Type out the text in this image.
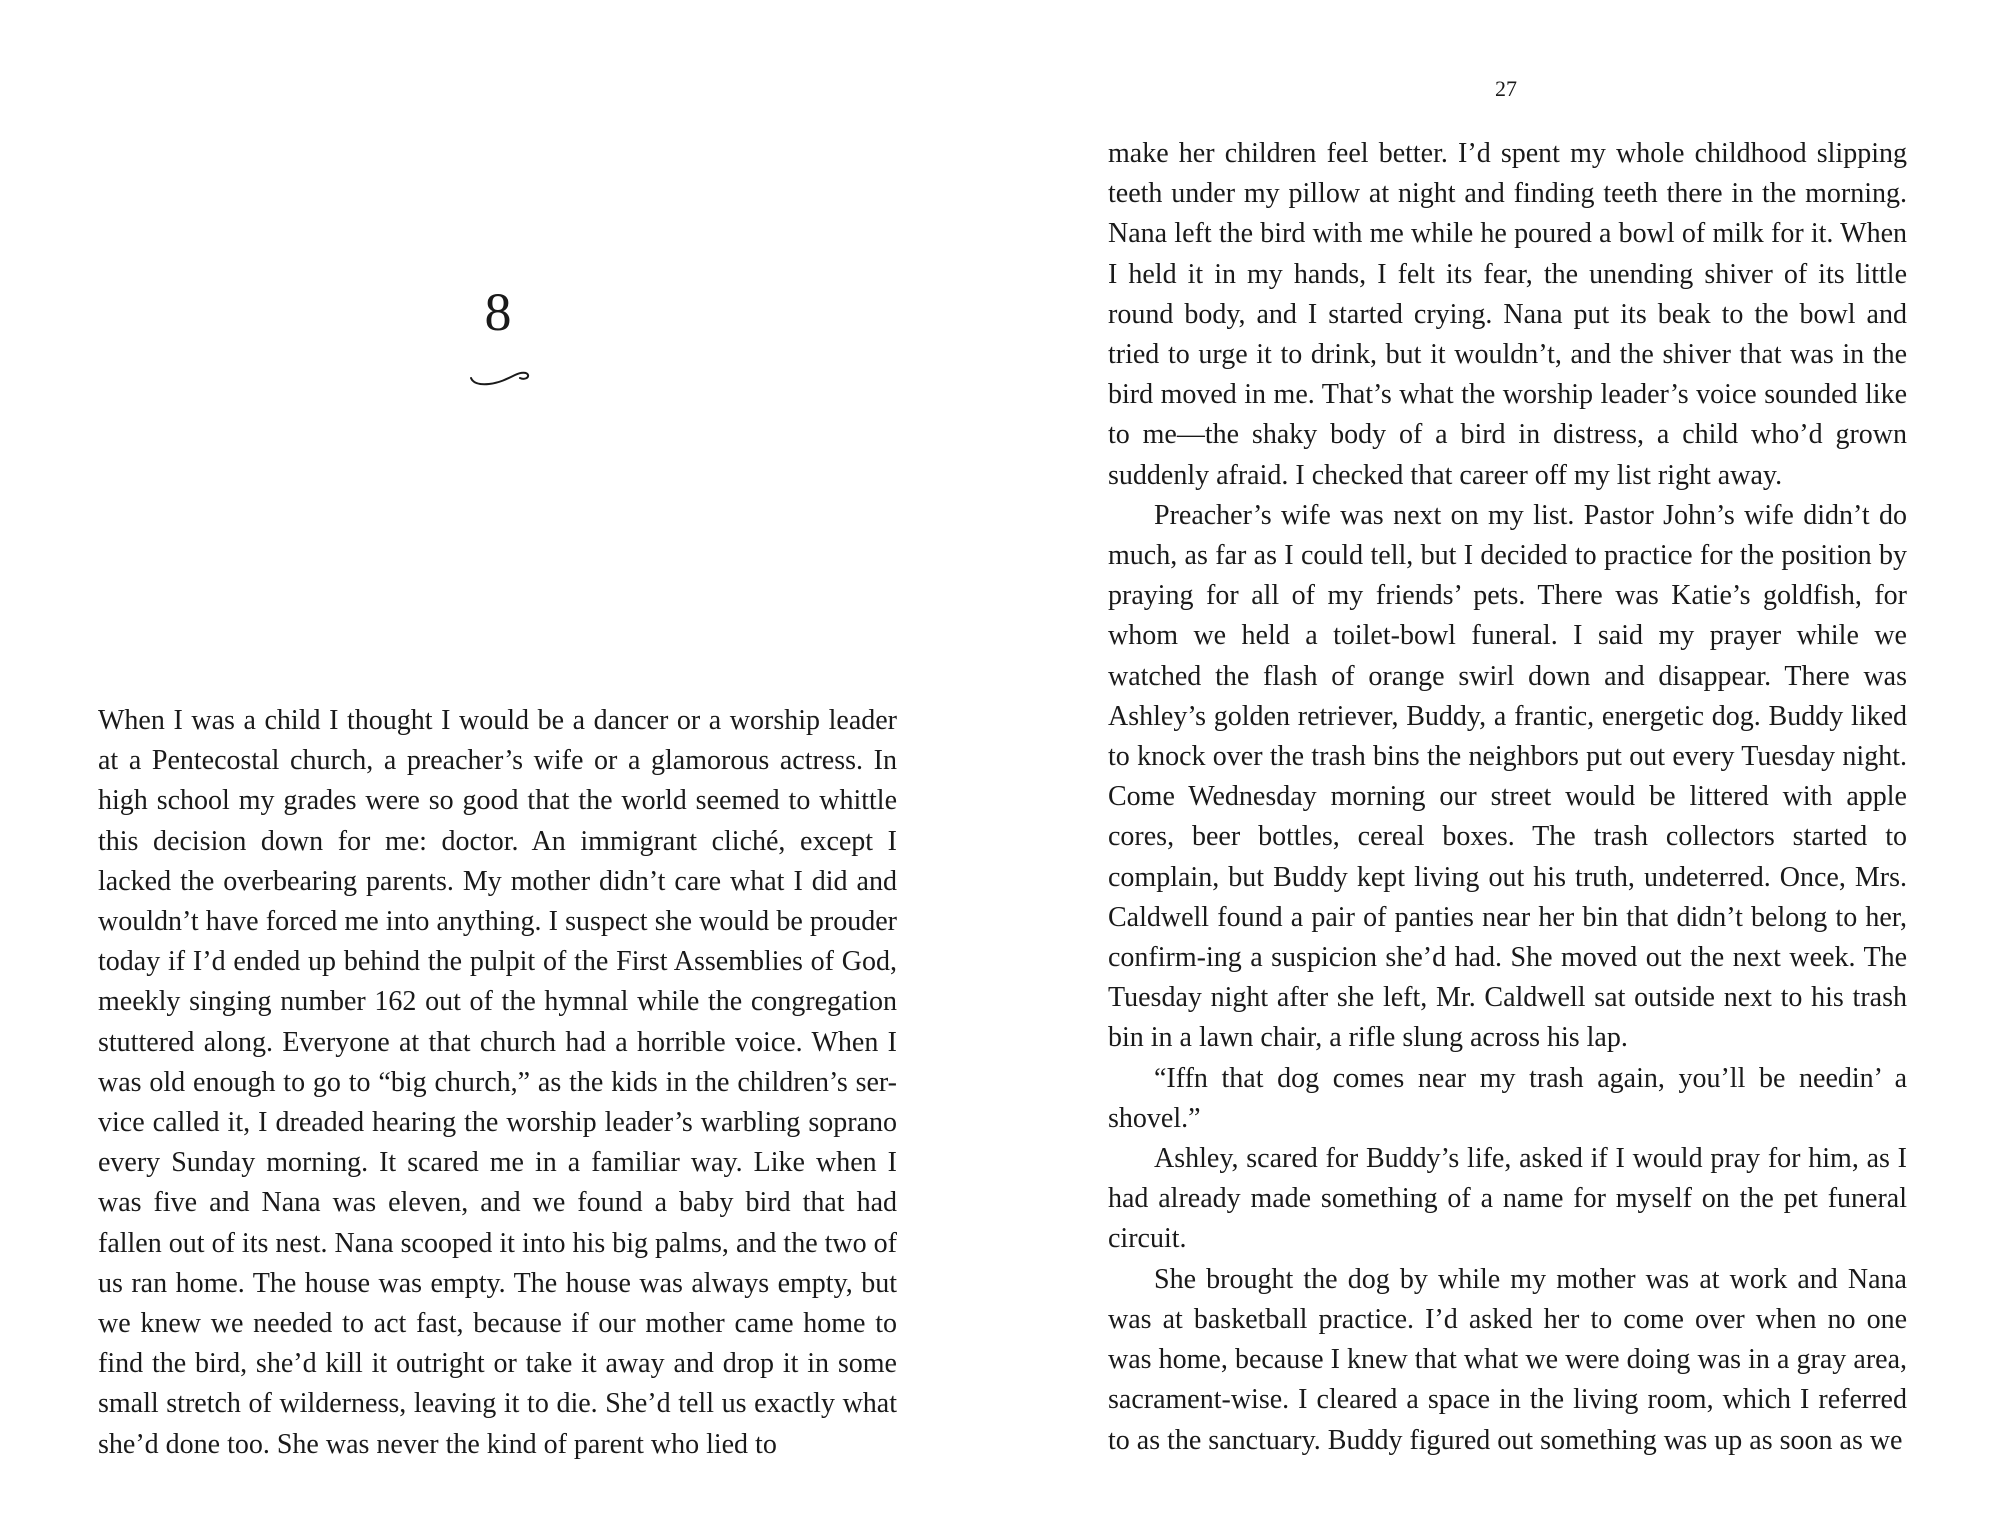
8

When I was a child I thought I would be a dancer or a worship leader at a Pentecostal church, a preacher’s wife or a glamorous actress. In high school my grades were so good that the world seemed to whittle this decision down for me: doctor. An immigrant cliché, except I lacked the overbearing parents. My mother didn’t care what I did and wouldn’t have forced me into anything. I suspect she would be prouder today if I’d ended up behind the pulpit of the First Assemblies of God, meekly singing number 162 out of the hymnal while the congregation stuttered along. Everyone at that church had a horrible voice. When I was old enough to go to “big church,” as the kids in the children’s ser-vice called it, I dreaded hearing the worship leader’s warbling soprano every Sunday morning. It scared me in a familiar way. Like when I was five and Nana was eleven, and we found a baby bird that had fallen out of its nest. Nana scooped it into his big palms, and the two of us ran home. The house was empty. The house was always empty, but we knew we needed to act fast, because if our mother came home to find the bird, she’d kill it outright or take it away and drop it in some small stretch of wilderness, leaving it to die. She’d tell us exactly what she’d done too. She was never the kind of parent who lied to

27

make her children feel better. I’d spent my whole childhood slipping teeth under my pillow at night and finding teeth there in the morning. Nana left the bird with me while he poured a bowl of milk for it. When I held it in my hands, I felt its fear, the unending shiver of its little round body, and I started crying. Nana put its beak to the bowl and tried to urge it to drink, but it wouldn’t, and the shiver that was in the bird moved in me. That’s what the worship leader’s voice sounded like to me—the shaky body of a bird in distress, a child who’d grown suddenly afraid. I checked that career off my list right away.

Preacher’s wife was next on my list. Pastor John’s wife didn’t do much, as far as I could tell, but I decided to practice for the position by praying for all of my friends’ pets. There was Katie’s goldfish, for whom we held a toilet-bowl funeral. I said my prayer while we watched the flash of orange swirl down and disappear. There was Ashley’s golden retriever, Buddy, a frantic, energetic dog. Buddy liked to knock over the trash bins the neighbors put out every Tuesday night. Come Wednesday morning our street would be littered with apple cores, beer bottles, cereal boxes. The trash collectors started to complain, but Buddy kept living out his truth, undeterred. Once, Mrs. Caldwell found a pair of panties near her bin that didn’t belong to her, confirm-ing a suspicion she’d had. She moved out the next week. The Tuesday night after she left, Mr. Caldwell sat outside next to his trash bin in a lawn chair, a rifle slung across his lap.

“Iffn that dog comes near my trash again, you’ll be needin’ a shovel.”

Ashley, scared for Buddy’s life, asked if I would pray for him, as I had already made something of a name for myself on the pet funeral circuit.

She brought the dog by while my mother was at work and Nana was at basketball practice. I’d asked her to come over when no one was home, because I knew that what we were doing was in a gray area, sacrament-wise. I cleared a space in the living room, which I referred to as the sanctuary. Buddy figured out something was up as soon as we
